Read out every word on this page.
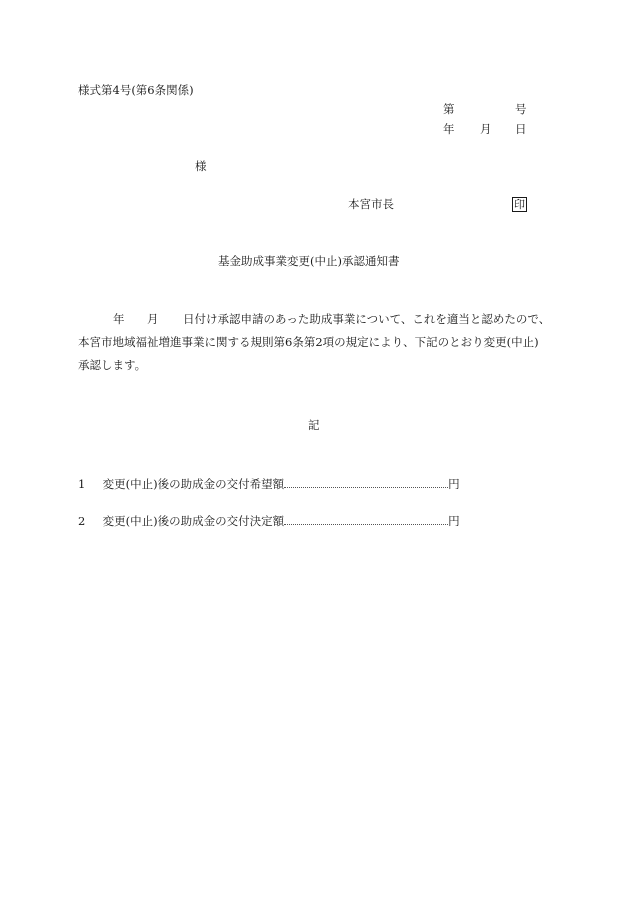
様式第4号(第6条関係)
第	号
年 月 日
様
本宮市長	印
基金助成事業変更(中止)承認通知書
年 月 日付け承認申請のあった助成事業について、これを適当と認めたので、
本宮市地域福祉増進事業に関する規則第6条第2項の規定により、下記のとおり変更(中止)
承認します。
記
1 変更(中止)後の助成金の交付希望額	円
2 変更(中止)後の助成金の交付決定額	円
